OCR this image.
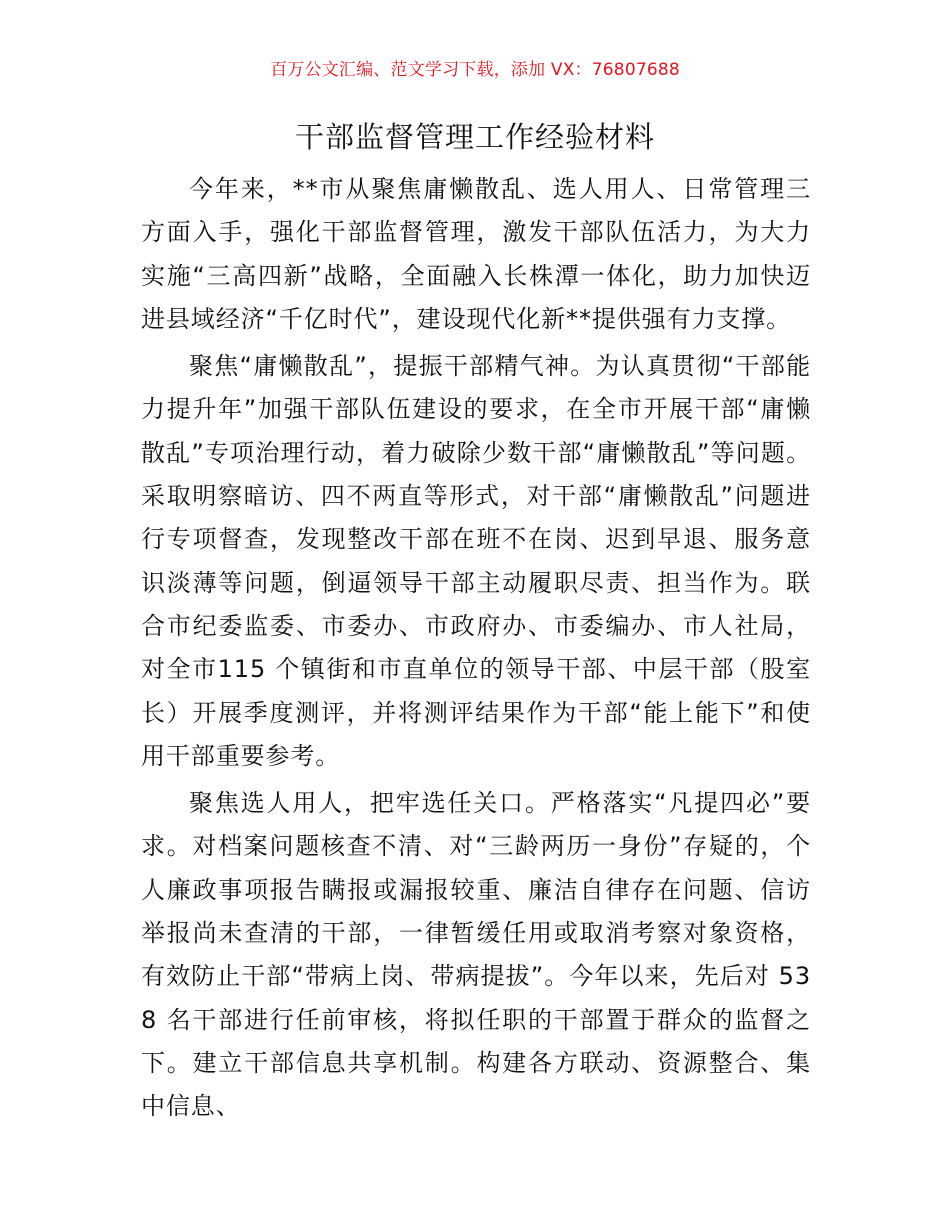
百万公文汇编、范文学习下载，添加 VX：76807688
干部监督管理工作经验材料

今年来，**市从聚焦庸懒散乱、选人用人、日常管理三方面入手，强化干部监督管理，激发干部队伍活力，为大力实施“三高四新”战略，全面融入长株潭一体化，助力加快迈进县域经济“千亿时代”，建设现代化新**提供强有力支撑。

聚焦“庸懒散乱”，提振干部精气神。为认真贯彻“干部能力提升年”加强干部队伍建设的要求，在全市开展干部“庸懒散乱”专项治理行动，着力破除少数干部“庸懒散乱”等问题。采取明察暗访、四不两直等形式，对干部“庸懒散乱”问题进行专项督查，发现整改干部在班不在岗、迟到早退、服务意识淡薄等问题，倒逼领导干部主动履职尽责、担当作为。联合市纪委监委、市委办、市政府办、市委编办、市人社局，对全市115 个镇街和市直单位的领导干部、中层干部（股室长）开展季度测评，并将测评结果作为干部“能上能下”和使用干部重要参考。

聚焦选人用人，把牢选任关口。严格落实“凡提四必”要求。对档案问题核查不清、对“三龄两历一身份”存疑的，个人廉政事项报告瞒报或漏报较重、廉洁自律存在问题、信访举报尚未查清的干部，一律暂缓任用或取消考察对象资格，有效防止干部“带病上岗、带病提拔”。今年以来，先后对 538 名干部进行任前审核，将拟任职的干部置于群众的监督之下。建立干部信息共享机制。构建各方联动、资源整合、集中信息、
